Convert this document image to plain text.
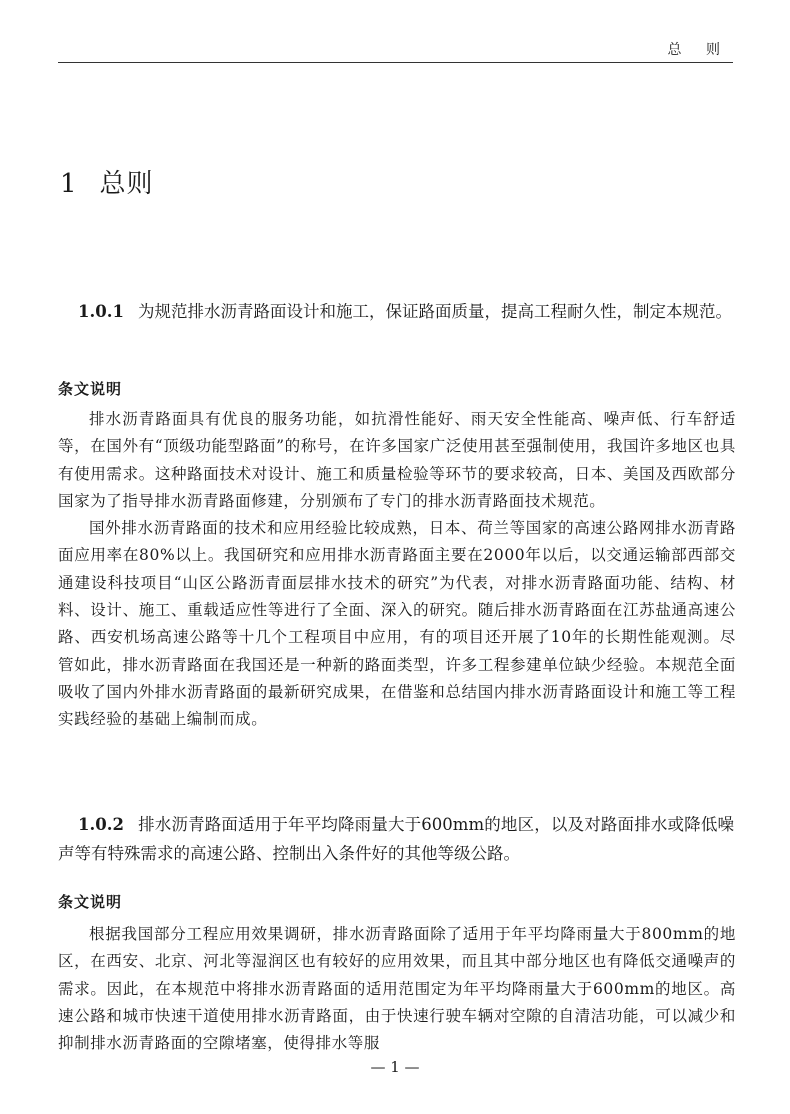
总 则
1 总则
1.0.1 为规范排水沥青路面设计和施工，保证路面质量，提高工程耐久性，制定本规范。
条文说明

排水沥青路面具有优良的服务功能，如抗滑性能好、雨天安全性能高、噪声低、行车舒适等，在国外有“顶级功能型路面”的称号，在许多国家广泛使用甚至强制使用，我国许多地区也具有使用需求。这种路面技术对设计、施工和质量检验等环节的要求较高，日本、美国及西欧部分国家为了指导排水沥青路面修建，分别颁布了专门的排水沥青路面技术规范。

国外排水沥青路面的技术和应用经验比较成熟，日本、荷兰等国家的高速公路网排水沥青路面应用率在80%以上。我国研究和应用排水沥青路面主要在2000年以后，以交通运输部西部交通建设科技项目“山区公路沥青面层排水技术的研究”为代表，对排水沥青路面功能、结构、材料、设计、施工、重载适应性等进行了全面、深入的研究。随后排水沥青路面在江苏盐通高速公路、西安机场高速公路等十几个工程项目中应用，有的项目还开展了10年的长期性能观测。尽管如此，排水沥青路面在我国还是一种新的路面类型，许多工程参建单位缺少经验。本规范全面吸收了国内外排水沥青路面的最新研究成果，在借鉴和总结国内排水沥青路面设计和施工等工程实践经验的基础上编制而成。

1.0.2 排水沥青路面适用于年平均降雨量大于600mm的地区，以及对路面排水或降低噪声等有特殊需求的高速公路、控制出入条件好的其他等级公路。
条文说明

根据我国部分工程应用效果调研，排水沥青路面除了适用于年平均降雨量大于800mm的地区，在西安、北京、河北等湿润区也有较好的应用效果，而且其中部分地区也有降低交通噪声的需求。因此，在本规范中将排水沥青路面的适用范围定为年平均降雨量大于600mm的地区。高速公路和城市快速干道使用排水沥青路面，由于快速行驶车辆对空隙的自清洁功能，可以减少和抑制排水沥青路面的空隙堵塞，使得排水等服

— 1 —
